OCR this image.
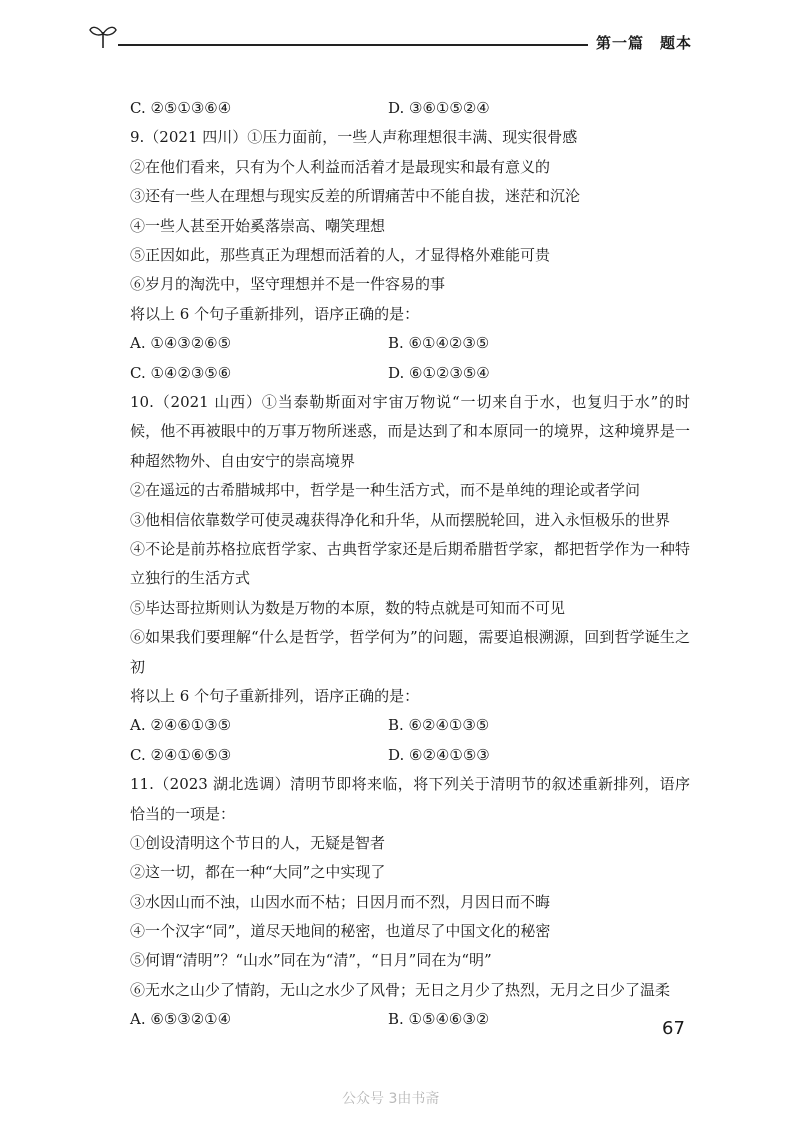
第一篇　题本
C. ②⑤①③⑥④	D. ③⑥①⑤②④
9.（2021 四川）①压力面前，一些人声称理想很丰满、现实很骨感
②在他们看来，只有为个人利益而活着才是最现实和最有意义的
③还有一些人在理想与现实反差的所谓痛苦中不能自拔，迷茫和沉沦
④一些人甚至开始奚落崇高、嘲笑理想
⑤正因如此，那些真正为理想而活着的人，才显得格外难能可贵
⑥岁月的淘洗中，坚守理想并不是一件容易的事
将以上 6 个句子重新排列，语序正确的是：
A. ①④③②⑥⑤	B. ⑥①④②③⑤
C. ①④②③⑤⑥	D. ⑥①②③⑤④
10.（2021 山西）①当泰勒斯面对宇宙万物说“一切来自于水，也复归于水”的时候，他不再被眼中的万事万物所迷惑，而是达到了和本原同一的境界，这种境界是一种超然物外、自由安宁的崇高境界
②在遥远的古希腊城邦中，哲学是一种生活方式，而不是单纯的理论或者学问
③他相信依靠数学可使灵魂获得净化和升华，从而摆脱轮回，进入永恒极乐的世界
④不论是前苏格拉底哲学家、古典哲学家还是后期希腊哲学家，都把哲学作为一种特立独行的生活方式
⑤毕达哥拉斯则认为数是万物的本原，数的特点就是可知而不可见
⑥如果我们要理解“什么是哲学，哲学何为”的问题，需要追根溯源，回到哲学诞生之初
将以上 6 个句子重新排列，语序正确的是：
A. ②④⑥①③⑤	B. ⑥②④①③⑤
C. ②④①⑥⑤③	D. ⑥②④①⑤③
11.（2023 湖北选调）清明节即将来临，将下列关于清明节的叙述重新排列，语序恰当的一项是：
①创设清明这个节日的人，无疑是智者
②这一切，都在一种“大同”之中实现了
③水因山而不浊，山因水而不枯；日因月而不烈，月因日而不晦
④一个汉字“同”，道尽天地间的秘密，也道尽了中国文化的秘密
⑤何谓“清明”？“山水”同在为“清”，“日月”同在为“明”
⑥无水之山少了情韵，无山之水少了风骨；无日之月少了热烈，无月之日少了温柔
A. ⑥⑤③②①④	B. ①⑤④⑥③②	67
公众号 3由书斋
